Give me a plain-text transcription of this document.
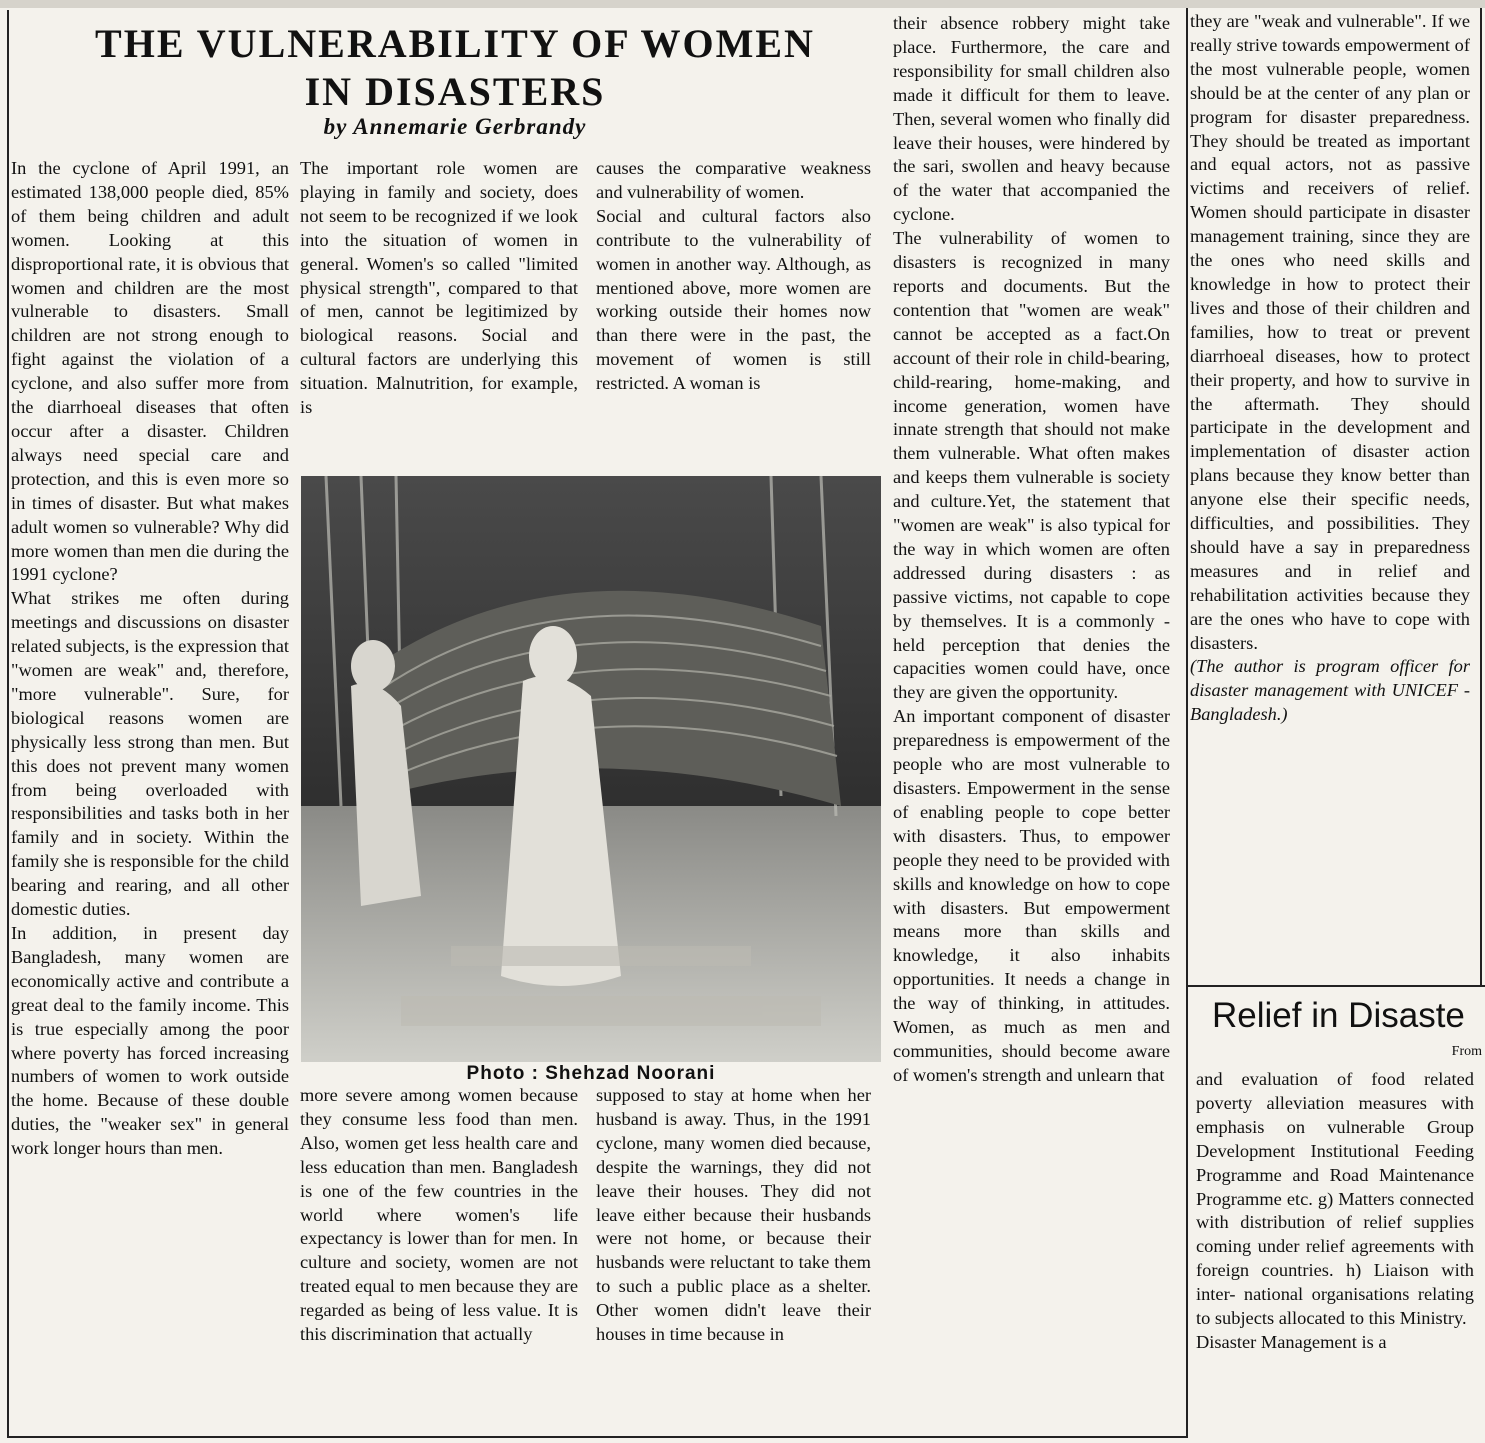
THE VULNERABILITY OF WOMEN
IN DISASTERS
by Annemarie Gerbrandy

In the cyclone of April 1991, an estimated 138,000 people died, 85% of them being children and adult women. Looking at this disproportional rate, it is obvious that women and children are the most vulnerable to disasters. Small children are not strong enough to fight against the violation of a cyclone, and also suffer more from the diarrhoeal diseases that often occur after a disaster. Children always need special care and protection, and this is even more so in times of disaster. But what makes adult women so vulnerable? Why did more women than men die during the 1991 cyclone?

What strikes me often during meetings and discussions on disaster related subjects, is the expression that "women are weak" and, therefore, "more vulnerable". Sure, for biological reasons women are physically less strong than men. But this does not prevent many women from being overloaded with responsibilities and tasks both in her family and in society. Within the family she is responsible for the child bearing and rearing, and all other domestic duties.

In addition, in present day Bangladesh, many women are economically active and contribute a great deal to the family income. This is true especially among the poor where poverty has forced increasing numbers of women to work outside the home. Because of these double duties, the "weaker sex" in general work longer hours than men.

The important role women are playing in family and society, does not seem to be recognized if we look into the situation of women in general. Women's so called "limited physical strength", compared to that of men, cannot be legitimized by biological reasons. Social and cultural factors are underlying this situation. Malnutrition, for example, is

causes the comparative weakness and vulnerability of women.

Social and cultural factors also contribute to the vulnerability of women in another way. Although, as mentioned above, more women are working outside their homes now than there were in the past, the movement of women is still restricted. A woman is

Photo : Shehzad Noorani

more severe among women because they consume less food than men. Also, women get less health care and less education than men. Bangladesh is one of the few countries in the world where women's life expectancy is lower than for men. In culture and society, women are not treated equal to men because they are regarded as being of less value. It is this discrimination that actually

supposed to stay at home when her husband is away. Thus, in the 1991 cyclone, many women died because, despite the warnings, they did not leave their houses. They did not leave either because their husbands were not home, or because their husbands were reluctant to take them to such a public place as a shelter. Other women didn't leave their houses in time because in

their absence robbery might take place. Furthermore, the care and responsibility for small children also made it difficult for them to leave. Then, several women who finally did leave their houses, were hindered by the sari, swollen and heavy because of the water that accompanied the cyclone.

The vulnerability of women to disasters is recognized in many reports and documents. But the contention that "women are weak" cannot be accepted as a fact.On account of their role in child-bearing, child-rearing, home-making, and income generation, women have innate strength that should not make them vulnerable. What often makes and keeps them vulnerable is society and culture.Yet, the statement that "women are weak" is also typical for the way in which women are often addressed during disasters : as passive victims, not capable to cope by themselves. It is a commonly -held perception that denies the capacities women could have, once they are given the opportunity.

An important component of disaster preparedness is empowerment of the people who are most vulnerable to disasters. Empowerment in the sense of enabling people to cope better with disasters. Thus, to empower people they need to be provided with skills and knowledge on how to cope with disasters. But empowerment means more than skills and knowledge, it also inhabits opportunities. It needs a change in the way of thinking, in attitudes. Women, as much as men and communities, should become aware of women's strength and unlearn that

they are "weak and vulnerable". If we really strive towards empowerment of the most vulnerable people, women should be at the center of any plan or program for disaster preparedness. They should be treated as important and equal actors, not as passive victims and receivers of relief. Women should participate in disaster management training, since they are the ones who need skills and knowledge in how to protect their lives and those of their children and families, how to treat or prevent diarrhoeal diseases, how to protect their property, and how to survive in the aftermath. They should participate in the development and implementation of disaster action plans because they know better than anyone else their specific needs, difficulties, and possibilities. They should have a say in preparedness measures and in relief and rehabilitation activities because they are the ones who have to cope with disasters.

(The author is program officer for disaster management with UNICEF - Bangladesh.)

Relief in Disaste
From

and evaluation of food related poverty alleviation measures with emphasis on vulnerable Group Development Institutional Feeding Programme and Road Maintenance Programme etc. g) Matters connected with distribution of relief supplies coming under relief agreements with foreign countries. h) Liaison with inter- national organisations relating to subjects allocated to this Ministry.

Disaster Management is a
